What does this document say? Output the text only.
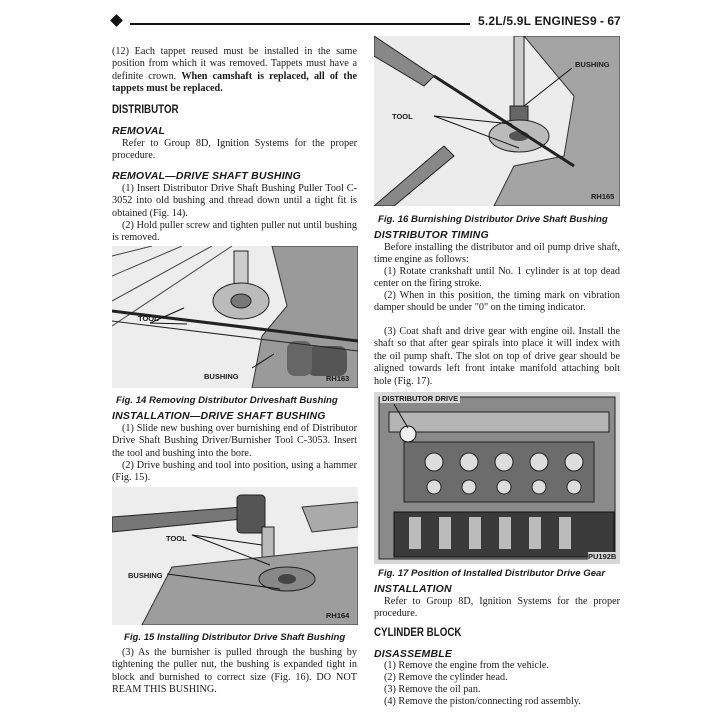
5.2L/5.9L ENGINES 9 - 67
(12) Each tappet reused must be installed in the same position from which it was removed. Tappets must have a definite crown. When camshaft is replaced, all of the tappets must be replaced.
DISTRIBUTOR
REMOVAL
Refer to Group 8D, Ignition Systems for the proper procedure.
REMOVAL—DRIVE SHAFT BUSHING
(1) Insert Distributor Drive Shaft Bushing Puller Tool C-3052 into old bushing and thread down until a tight fit is obtained (Fig. 14).
(2) Hold puller screw and tighten puller nut until bushing is removed.
TOOL
BUSHING	RH163
Fig. 14 Removing Distributor Driveshaft Bushing
INSTALLATION—DRIVE SHAFT BUSHING
(1) Slide new bushing over burnishing end of Distributor Drive Shaft Bushing Driver/Burnisher Tool C-3053. Insert the tool and bushing into the bore.
(2) Drive bushing and tool into position, using a hammer (Fig. 15).
TOOL
BUSHING
RH164
Fig. 15 Installing Distributor Drive Shaft Bushing
(3) As the burnisher is pulled through the bushing by tightening the puller nut, the bushing is expanded tight in block and burnished to correct size (Fig. 16). DO NOT REAM THIS BUSHING.
BUSHING
TOOL
RH165
Fig. 16 Burnishing Distributor Drive Shaft Bushing
DISTRIBUTOR TIMING
Before installing the distributor and oil pump drive shaft, time engine as follows:
(1) Rotate crankshaft until No. 1 cylinder is at top dead center on the firing stroke.
(2) When in this position, the timing mark on vibration damper should be under "0" on the timing indicator.
(3) Coat shaft and drive gear with engine oil. Install the shaft so that after gear spirals into place it will index with the oil pump shaft. The slot on top of drive gear should be aligned towards left front intake manifold attaching bolt hole (Fig. 17).
DISTRIBUTOR DRIVE
PU192B
Fig. 17 Position of Installed Distributor Drive Gear
INSTALLATION
Refer to Group 8D, Ignition Systems for the proper procedure.
CYLINDER BLOCK
DISASSEMBLE
(1) Remove the engine from the vehicle.
(2) Remove the cylinder head.
(3) Remove the oil pan.
(4) Remove the piston/connecting rod assembly.
